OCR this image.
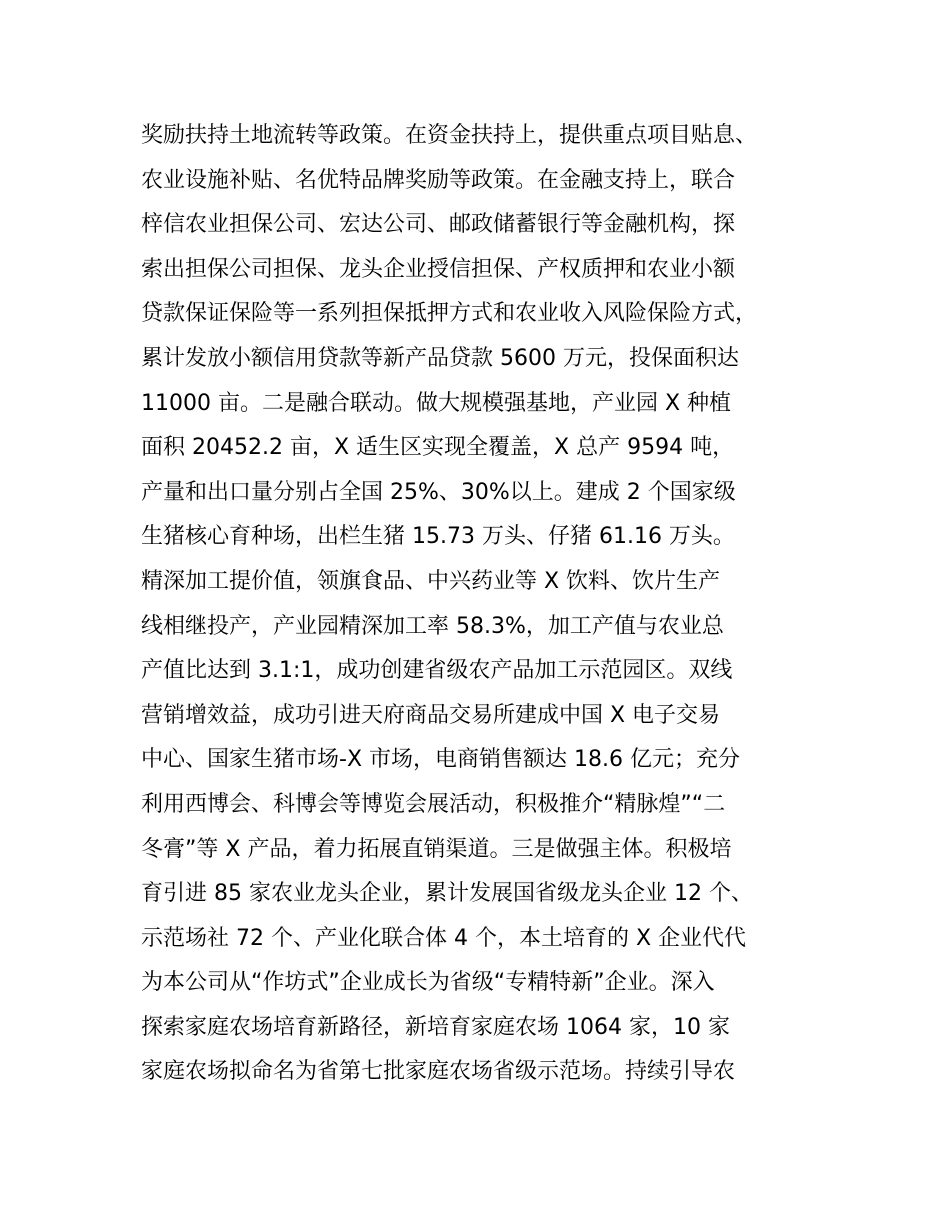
奖励扶持土地流转等政策。在资金扶持上，提供重点项目贴息、
农业设施补贴、名优特品牌奖励等政策。在金融支持上，联合
梓信农业担保公司、宏达公司、邮政储蓄银行等金融机构，探
索出担保公司担保、龙头企业授信担保、产权质押和农业小额
贷款保证保险等一系列担保抵押方式和农业收入风险保险方式，
累计发放小额信用贷款等新产品贷款 5600 万元，投保面积达
11000 亩。二是融合联动。做大规模强基地，产业园 X 种植
面积 20452.2 亩，X 适生区实现全覆盖，X 总产 9594 吨，
产量和出口量分别占全国 25%、30%以上。建成 2 个国家级
生猪核心育种场，出栏生猪 15.73 万头、仔猪 61.16 万头。
精深加工提价值，领旗食品、中兴药业等 X 饮料、饮片生产
线相继投产，产业园精深加工率 58.3%，加工产值与农业总
产值比达到 3.1:1，成功创建省级农产品加工示范园区。双线
营销增效益，成功引进天府商品交易所建成中国 X 电子交易
中心、国家生猪市场-X 市场，电商销售额达 18.6 亿元；充分
利用西博会、科博会等博览会展活动，积极推介“精脉煌”“二
冬膏”等 X 产品，着力拓展直销渠道。三是做强主体。积极培
育引进 85 家农业龙头企业，累计发展国省级龙头企业 12 个、
示范场社 72 个、产业化联合体 4 个，本土培育的 X 企业代代
为本公司从“作坊式”企业成长为省级“专精特新”企业。深入
探索家庭农场培育新路径，新培育家庭农场 1064 家，10 家
家庭农场拟命名为省第七批家庭农场省级示范场。持续引导农
